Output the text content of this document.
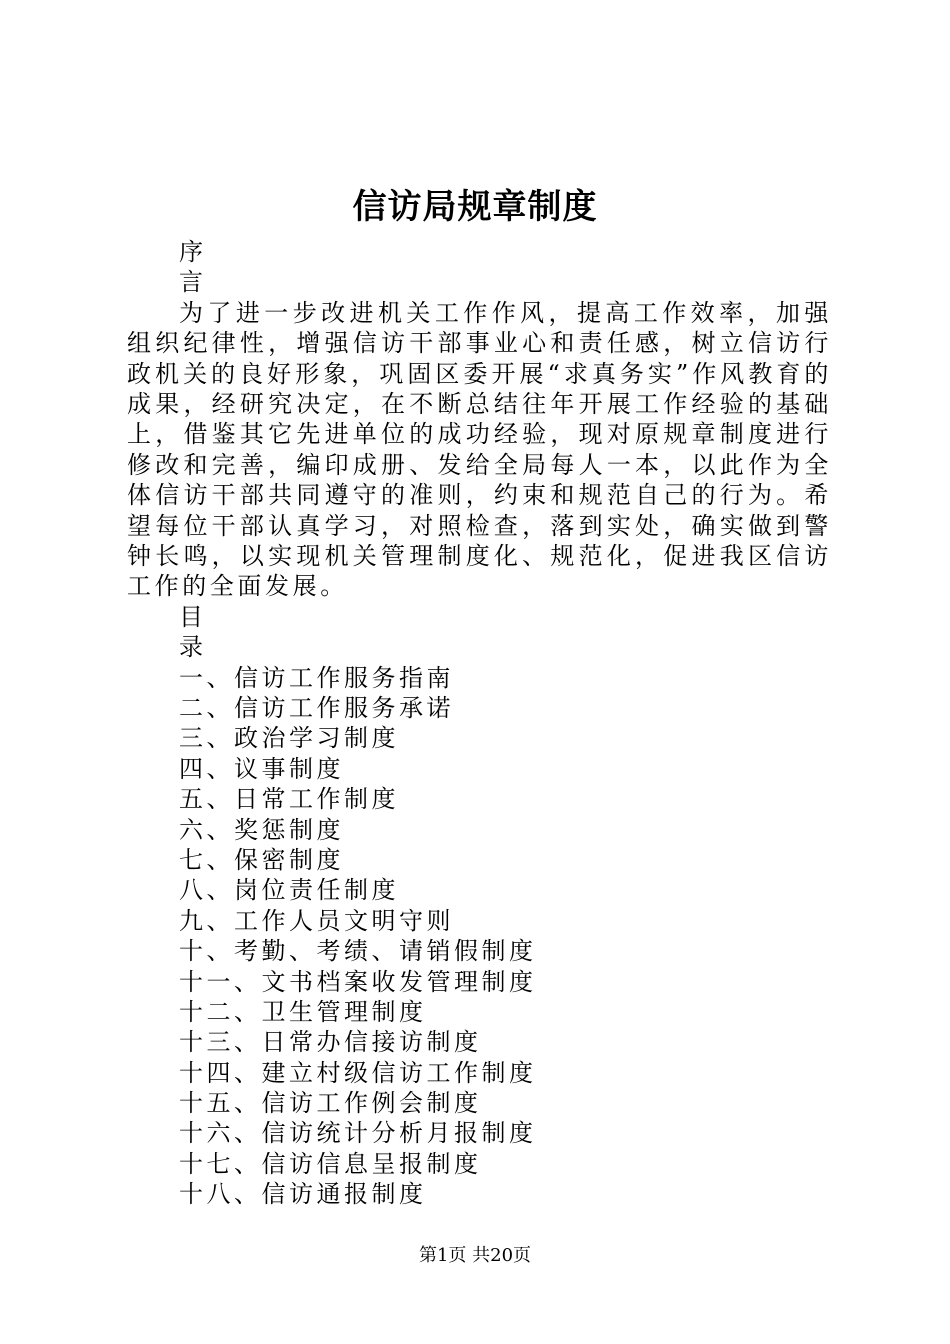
信访局规章制度
序
言
为了进一步改进机关工作作风，提高工作效率，加强组织纪律性，增强信访干部事业心和责任感，树立信访行政机关的良好形象，巩固区委开展“求真务实”作风教育的成果，经研究决定，在不断总结往年开展工作经验的基础上，借鉴其它先进单位的成功经验，现对原规章制度进行修改和完善，编印成册、发给全局每人一本，以此作为全体信访干部共同遵守的准则，约束和规范自己的行为。希望每位干部认真学习，对照检查，落到实处，确实做到警钟长鸣，以实现机关管理制度化、规范化，促进我区信访工作的全面发展。
目
录
一、信访工作服务指南
二、信访工作服务承诺
三、政治学习制度
四、议事制度
五、日常工作制度
六、奖惩制度
七、保密制度
八、岗位责任制度
九、工作人员文明守则
十、考勤、考绩、请销假制度
十一、文书档案收发管理制度
十二、卫生管理制度
十三、日常办信接访制度
十四、建立村级信访工作制度
十五、信访工作例会制度
十六、信访统计分析月报制度
十七、信访信息呈报制度
十八、信访通报制度
第1页 共20页
